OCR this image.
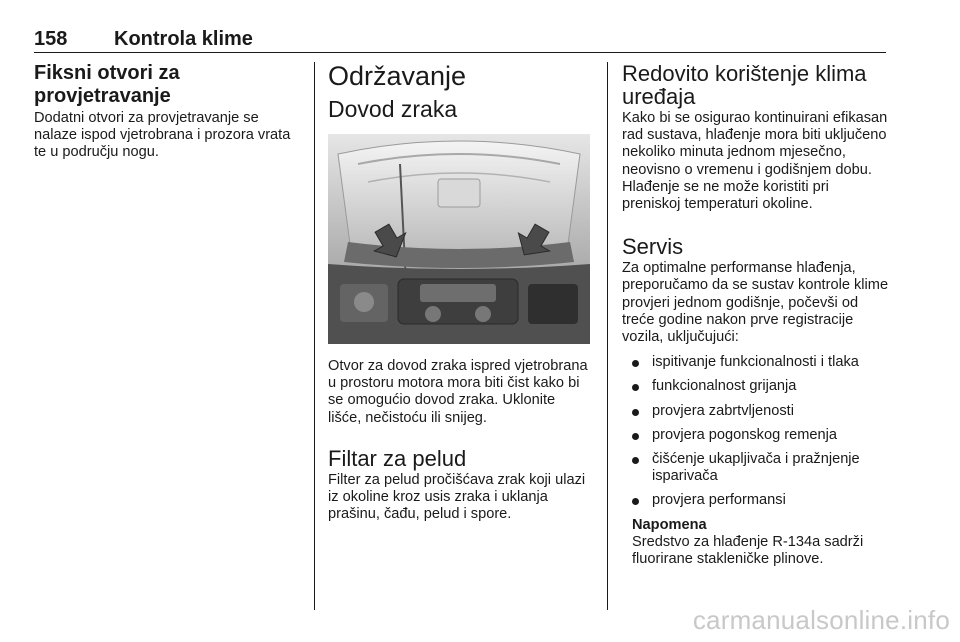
158 Kontrola klime
Fiksni otvori za provjetravanje

Dodatni otvori za provjetravanje se nalaze ispod vjetrobrana i prozora vrata te u području nogu.

Održavanje
Dovod zraka

Otvor za dovod zraka ispred vjetrobrana u prostoru motora mora biti čist kako bi se omogućio dovod zraka. Uklonite lišće, nečistoću ili snijeg.

Filtar za pelud

Filter za pelud pročišćava zrak koji ulazi iz okoline kroz usis zraka i uklanja prašinu, čađu, pelud i spore.

Redovito korištenje klima uređaja

Kako bi se osigurao kontinuirani efikasan rad sustava, hlađenje mora biti uključeno nekoliko minuta jednom mjesečno, neovisno o vremenu i godišnjem dobu. Hlađenje se ne može koristiti pri preniskoj temperaturi okoline.

Servis

Za optimalne performanse hlađenja, preporučamo da se sustav kontrole klime provjeri jednom godišnje, počevši od treće godine nakon prve registracije vozila, uključujući:

ispitivanje funkcionalnosti i tlaka
funkcionalnost grijanja
provjera zabrtvljenosti
provjera pogonskog remenja
čišćenje ukapljivača i pražnjenje isparivača
provjera performansi
Napomena
Sredstvo za hlađenje R-134a sadrži fluorirane stakleničke plinove.
carmanualsonline.info
